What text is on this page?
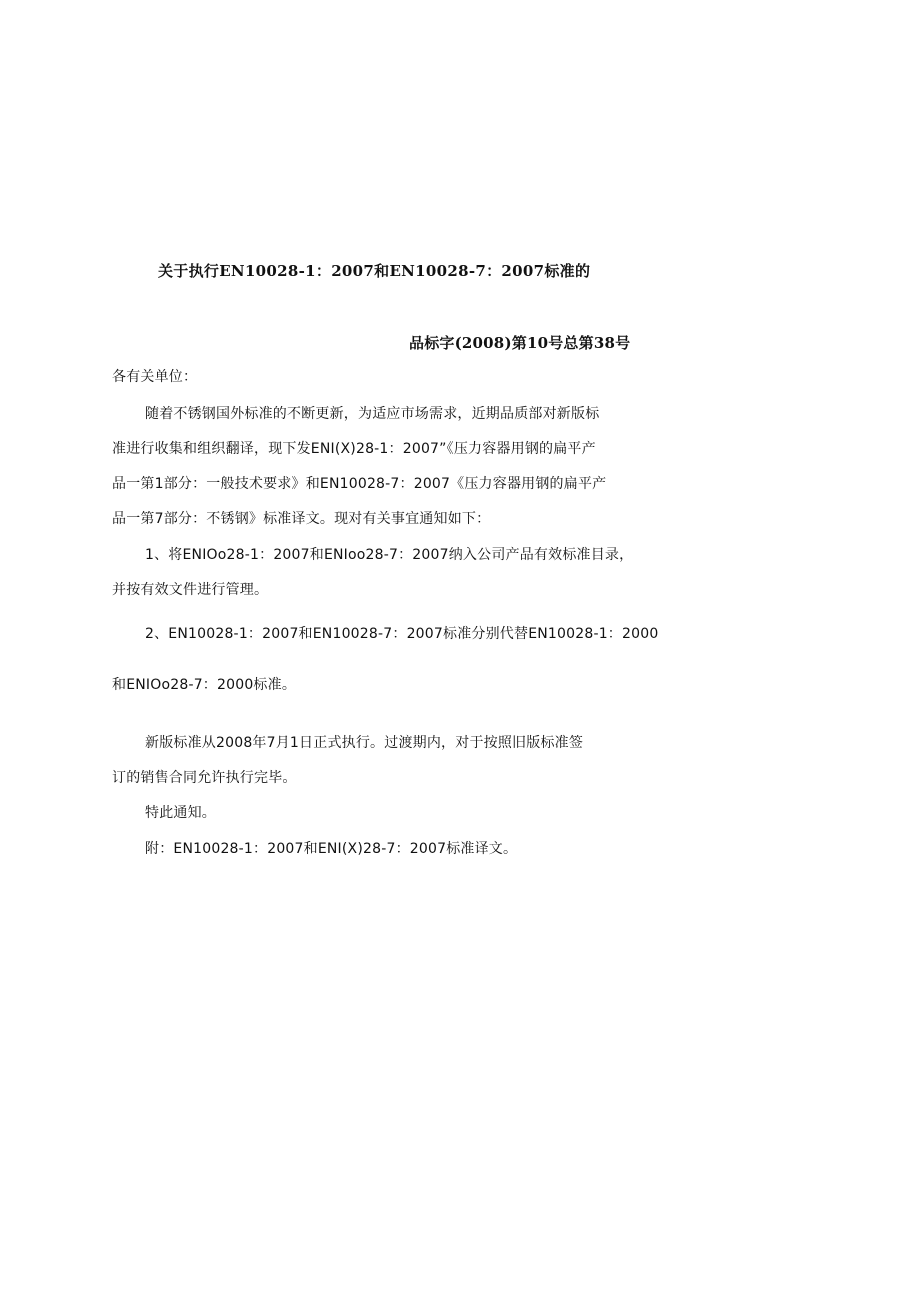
关于执行EN10028-1：2007和EN10028-7：2007标准的
品标字(2008)第10号总第38号
各有关单位：
随着不锈钢国外标准的不断更新，为适应市场需求，近期品质部对新版标
准进行收集和组织翻译，现下发ENI(X)28-1：2007”《压力容器用钢的扁平产
品一第1部分：一般技术要求》和EN10028-7：2007《压力容器用钢的扁平产
品一第7部分：不锈钢》标准译文。现对有关事宜通知如下：
1、将ENIOo28-1：2007和ENIoo28-7：2007纳入公司产品有效标准目录，
并按有效文件进行管理。
2、EN10028-1：2007和EN10028-7：2007标准分别代替EN10028-1：2000
和ENIOo28-7：2000标准。
新版标准从2008年7月1日正式执行。过渡期内，对于按照旧版标准签
订的销售合同允许执行完毕。
特此通知。
附：EN10028-1：2007和ENI(X)28-7：2007标准译文。
